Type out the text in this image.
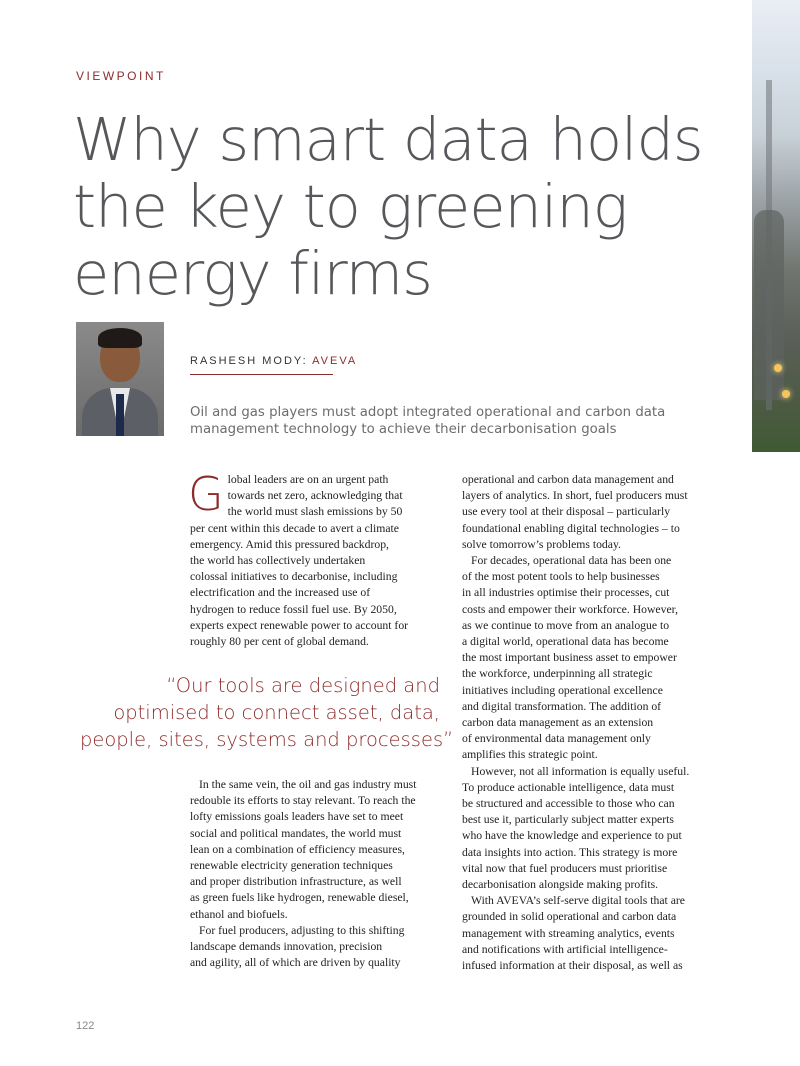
VIEWPOINT
Why smart data holds
the key to greening
energy firms
RASHESH MODY: AVEVA
Oil and gas players must adopt integrated operational and carbon data management technology to achieve their decarbonisation goals
G lobal leaders are on an urgent path
towards net zero, acknowledging that
the world must slash emissions by 50
per cent within this decade to avert a climate
emergency. Amid this pressured backdrop,
the world has collectively undertaken
colossal initiatives to decarbonise, including
electrification and the increased use of
hydrogen to reduce fossil fuel use. By 2050,
experts expect renewable power to account for
roughly 80 per cent of global demand.
“Our tools are designed and
optimised to connect asset, data,
people, sites, systems and processes”
In the same vein, the oil and gas industry must
redouble its efforts to stay relevant. To reach the
lofty emissions goals leaders have set to meet
social and political mandates, the world must
lean on a combination of efficiency measures,
renewable electricity generation techniques
and proper distribution infrastructure, as well
as green fuels like hydrogen, renewable diesel,
ethanol and biofuels.
For fuel producers, adjusting to this shifting
landscape demands innovation, precision
and agility, all of which are driven by quality
operational and carbon data management and
layers of analytics. In short, fuel producers must
use every tool at their disposal – particularly
foundational enabling digital technologies – to
solve tomorrow’s problems today.
For decades, operational data has been one
of the most potent tools to help businesses
in all industries optimise their processes, cut
costs and empower their workforce. However,
as we continue to move from an analogue to
a digital world, operational data has become
the most important business asset to empower
the workforce, underpinning all strategic
initiatives including operational excellence
and digital transformation. The addition of
carbon data management as an extension
of environmental data management only
amplifies this strategic point.
However, not all information is equally useful.
To produce actionable intelligence, data must
be structured and accessible to those who can
best use it, particularly subject matter experts
who have the knowledge and experience to put
data insights into action. This strategy is more
vital now that fuel producers must prioritise
decarbonisation alongside making profits.
With AVEVA’s self-serve digital tools that are
grounded in solid operational and carbon data
management with streaming analytics, events
and notifications with artificial intelligence-
infused information at their disposal, as well as
122
